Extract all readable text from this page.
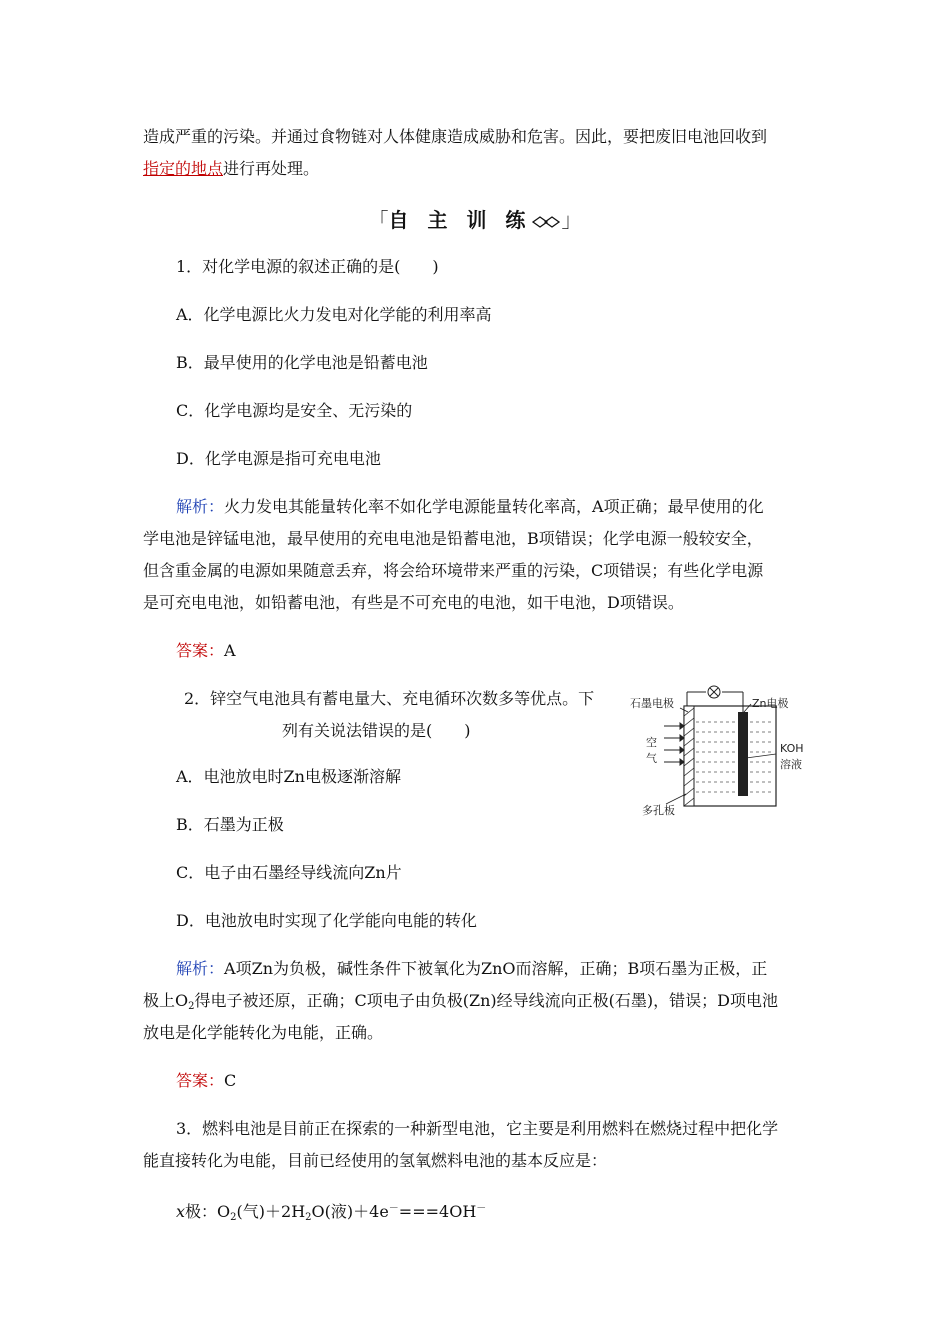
造成严重的污染。并通过食物链对人体健康造成威胁和危害。因此，要把废旧电池回收到
指定的地点进行再处理。
「自 主 训 练 」
1．对化学电源的叙述正确的是(　　)
A．化学电源比火力发电对化学能的利用率高
B．最早使用的化学电池是铅蓄电池
C．化学电源均是安全、无污染的
D．化学电源是指可充电电池
解析：火力发电其能量转化率不如化学电源能量转化率高，A项正确；最早使用的化
学电池是锌锰电池，最早使用的充电电池是铅蓄电池，B项错误；化学电源一般较安全，
但含重金属的电源如果随意丢弃，将会给环境带来严重的污染，C项错误；有些化学电源
是可充电电池，如铅蓄电池，有些是不可充电的电池，如干电池，D项错误。
答案：A
2．锌空气电池具有蓄电量大、充电循环次数多等优点。下
列有关说法错误的是(　　)
石墨电极	Zn电极
空
气
KOH
溶液
多孔板
A．电池放电时Zn电极逐渐溶解
B．石墨为正极
C．电子由石墨经导线流向Zn片
D．电池放电时实现了化学能向电能的转化
解析：A项Zn为负极，碱性条件下被氧化为ZnO而溶解，正确；B项石墨为正极，正
极上$O_2$得电子被还原，正确；C项电子由负极(Zn)经导线流向正极(石墨)，错误；D项电池
放电是化学能转化为电能，正确。
答案：C
3．燃料电池是目前正在探索的一种新型电池，它主要是利用燃料在燃烧过程中把化学
能直接转化为电能，目前已经使用的氢氧燃料电池的基本反应是：
x极：$O_2$(气)$+2H_2O$(液)＋4e－===4OH－
